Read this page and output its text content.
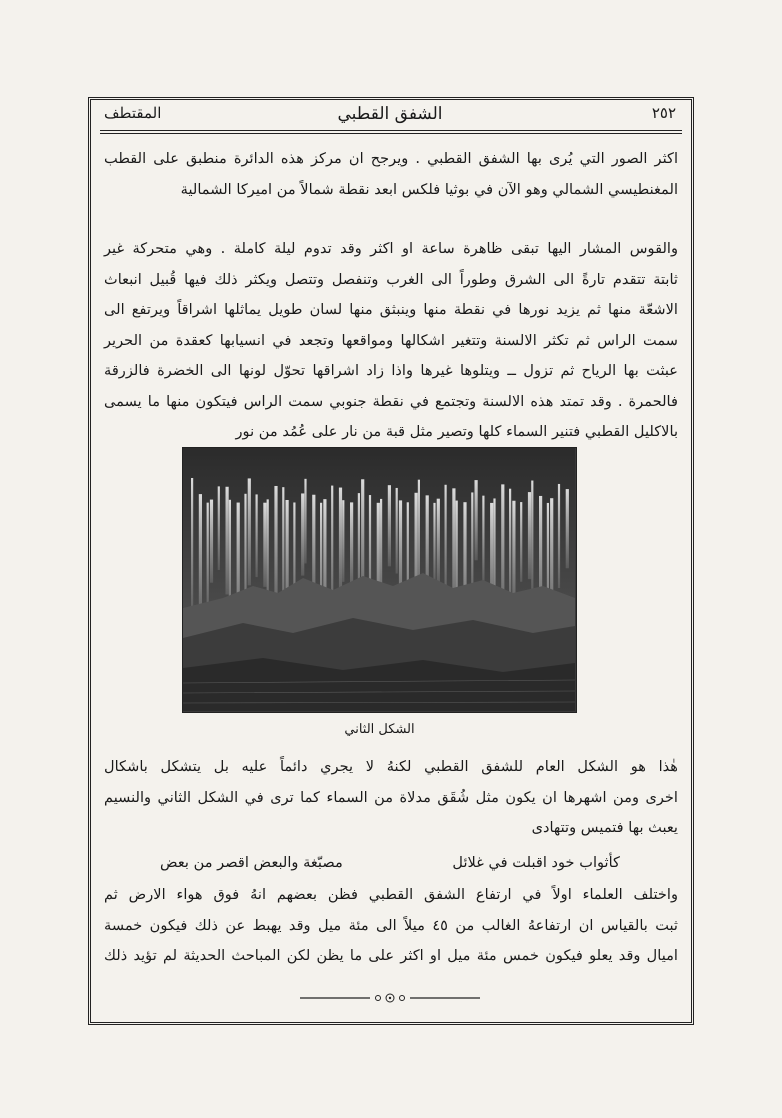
٢٥٢
الشفق القطبي
المقتطف

اكثر الصور التي يُرى بها الشفق القطبي . ويرجح ان مركز هذه الدائرة منطبق على القطب

المغنطيسي الشمالي وهو الآن في بوثيا فلكس ابعد نقطة شمالاً من اميركا الشمالية

والقوس المشار اليها تبقى ظاهرة ساعة او اكثر وقد تدوم ليلة كاملة . وهي متحركة غير

ثابتة تتقدم تارةً الى الشرق وطوراً الى الغرب وتنفصل وتتصل ويكثر ذلك فيها قُبيل انبعاث

الاشعّة منها ثم يزيد نورها في نقطة منها وينبثق منها لسان طويل يماثلها اشراقاً ويرتفع الى

سمت الراس ثم تكثر الالسنة وتتغير اشكالها ومواقعها وتجعد في انسيابها كعقدة من الحرير

عبثت بها الرياح ثم تزول ــ ويتلوها غيرها واذا زاد اشراقها تحوّل لونها الى الخضرة فالزرقة

فالحمرة . وقد تمتد هذه الالسنة وتجتمع في نقطة جنوبي سمت الراس فيتكون منها ما يسمى

بالاكليل القطبي فتنير السماء كلها وتصير مثل قبة من نار على عُمُد من نور

الشكل الثاني

هٰذا هو الشكل العام للشفق القطبي لكنهُ لا يجري دائماً عليه بل يتشكل باشكال

اخرى ومن اشهرها ان يكون مثل شُقَق مدلاة من السماء كما ترى في الشكل الثاني والنسيم

يعبث بها فتميس وتتهادى

كأثواب خود اقبلت في غلائل
مصبّغة والبعض اقصر من بعض

واختلف العلماء اولاً في ارتفاع الشفق القطبي فظن بعضهم انهُ فوق هواء الارض ثم

ثبت بالقياس ان ارتفاعهُ الغالب من ٤٥ ميلاً الى مئة ميل وقد يهبط عن ذلك فيكون خمسة

اميال وقد يعلو فيكون خمس مئة ميل او اكثر على ما يظن لكن المباحث الحديثة لم تؤيد ذلك
